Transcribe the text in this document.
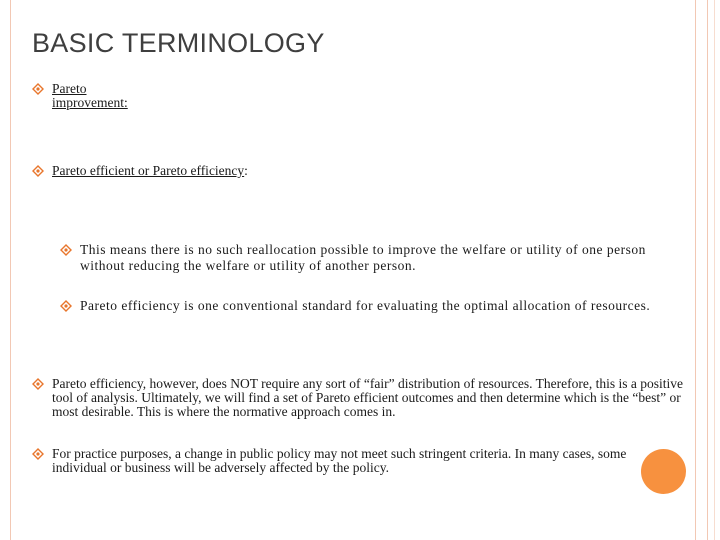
BASIC TERMINOLOGY
Pareto improvement:
Pareto efficient or Pareto efficiency:
This means there is no such reallocation possible to improve the welfare or utility of one person without reducing the welfare or utility of another person.
Pareto efficiency is one conventional standard for evaluating the optimal allocation of resources.
Pareto efficiency, however, does NOT require any sort of “fair” distribution of resources. Therefore, this is a positive tool of analysis. Ultimately, we will find a set of Pareto efficient outcomes and then determine which is the “best” or most desirable. This is where the normative approach comes in.
For practice purposes, a change in public policy may not meet such stringent criteria. In many cases, some individual or business will be adversely affected by the policy.
